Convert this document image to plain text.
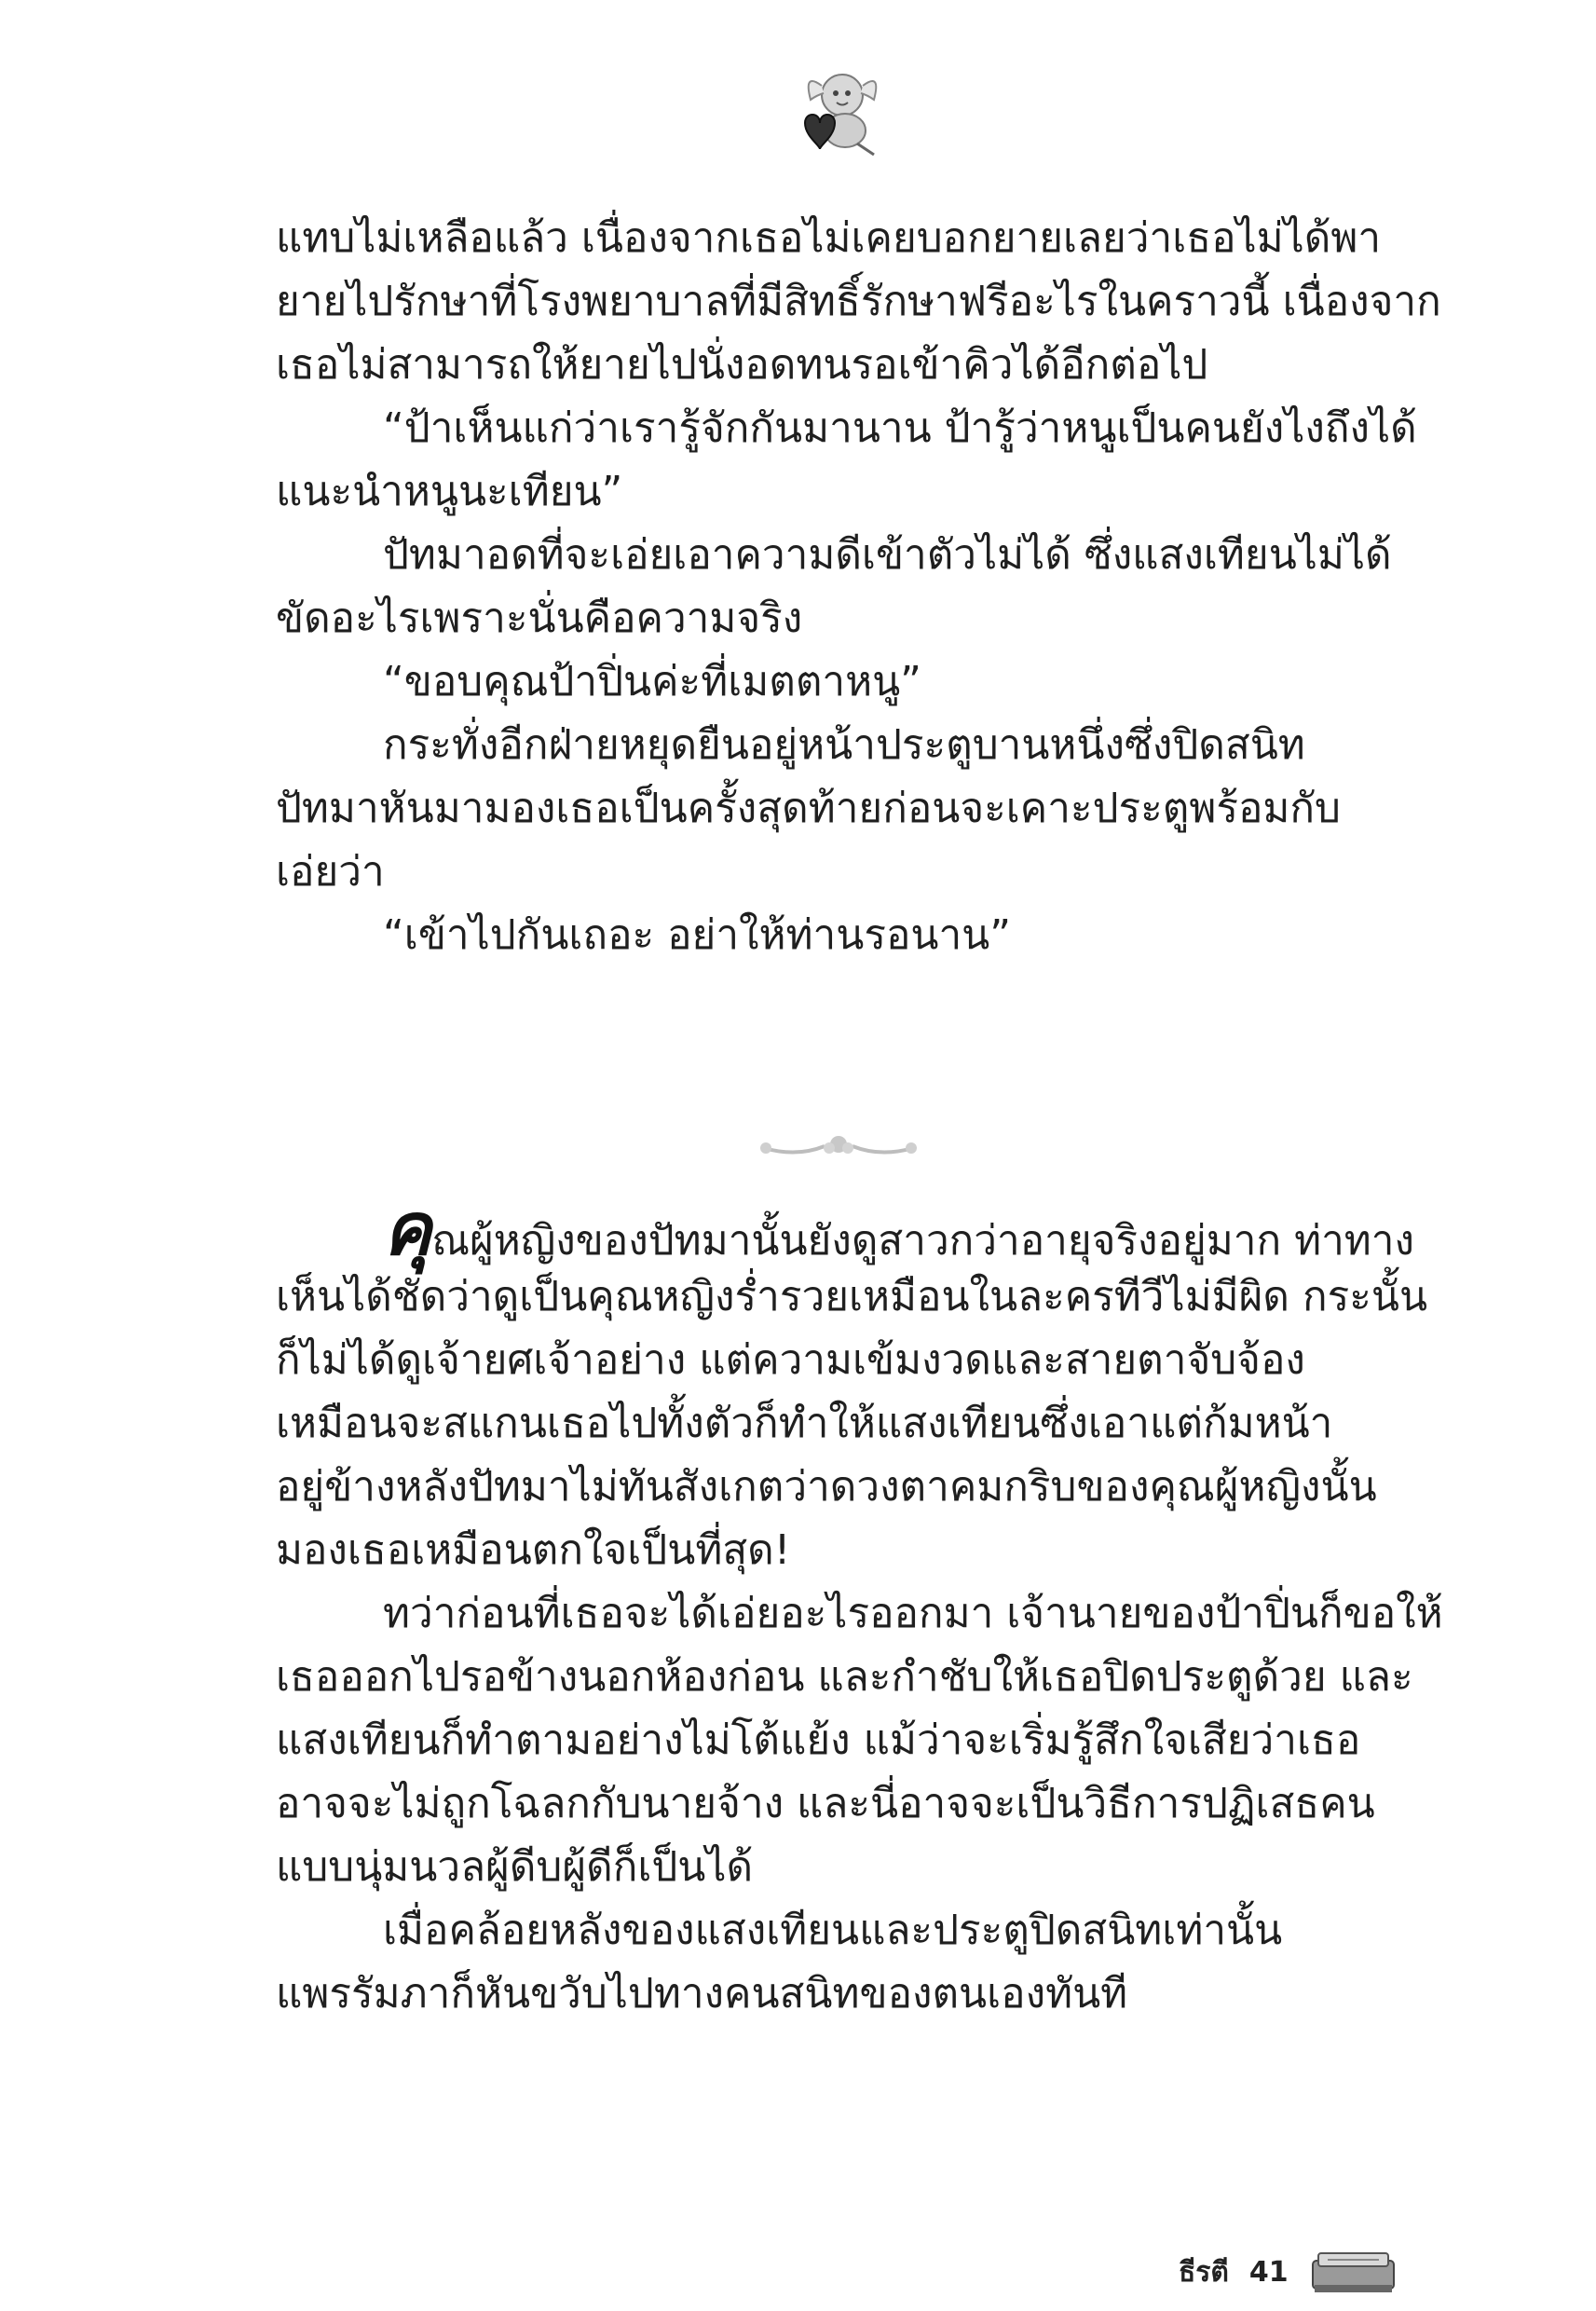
แทบไม่เหลือแล้ว เนื่องจากเธอไม่เคยบอกยายเลยว่าเธอไม่ได้พา
ยายไปรักษาที่โรงพยาบาลที่มีสิทธิ์รักษาฟรีอะไรในคราวนี้ เนื่องจาก
เธอไม่สามารถให้ยายไปนั่งอดทนรอเข้าคิวได้อีกต่อไป
“ป้าเห็นแก่ว่าเรารู้จักกันมานาน ป้ารู้ว่าหนูเป็นคนยังไงถึงได้
แนะนำหนูนะเทียน”
ปัทมาอดที่จะเอ่ยเอาความดีเข้าตัวไม่ได้ ซึ่งแสงเทียนไม่ได้
ขัดอะไรเพราะนั่นคือความจริง
“ขอบคุณป้าปิ่นค่ะที่เมตตาหนู”
กระทั่งอีกฝ่ายหยุดยืนอยู่หน้าประตูบานหนึ่งซึ่งปิดสนิท
ปัทมาหันมามองเธอเป็นครั้งสุดท้ายก่อนจะเคาะประตูพร้อมกับ
เอ่ยว่า
“เข้าไปกันเถอะ อย่าให้ท่านรอนาน”
คุณผู้หญิงของปัทมานั้นยังดูสาวกว่าอายุจริงอยู่มาก ท่าทาง
เห็นได้ชัดว่าดูเป็นคุณหญิงร่ำรวยเหมือนในละครทีวีไม่มีผิด กระนั้น
ก็ไม่ได้ดูเจ้ายศเจ้าอย่าง แต่ความเข้มงวดและสายตาจับจ้อง
เหมือนจะสแกนเธอไปทั้งตัวก็ทำให้แสงเทียนซึ่งเอาแต่ก้มหน้า
อยู่ข้างหลังปัทมาไม่ทันสังเกตว่าดวงตาคมกริบของคุณผู้หญิงนั้น
มองเธอเหมือนตกใจเป็นที่สุด!
ทว่าก่อนที่เธอจะได้เอ่ยอะไรออกมา เจ้านายของป้าปิ่นก็ขอให้
เธอออกไปรอข้างนอกห้องก่อน และกำชับให้เธอปิดประตูด้วย และ
แสงเทียนก็ทำตามอย่างไม่โต้แย้ง แม้ว่าจะเริ่มรู้สึกใจเสียว่าเธอ
อาจจะไม่ถูกโฉลกกับนายจ้าง และนี่อาจจะเป็นวิธีการปฏิเสธคน
แบบนุ่มนวลผู้ดีบผู้ดีก็เป็นได้
เมื่อคล้อยหลังของแสงเทียนและประตูปิดสนิทเท่านั้น
แพรรัมภาก็หันขวับไปทางคนสนิทของตนเองทันที
ธีรตี 41
